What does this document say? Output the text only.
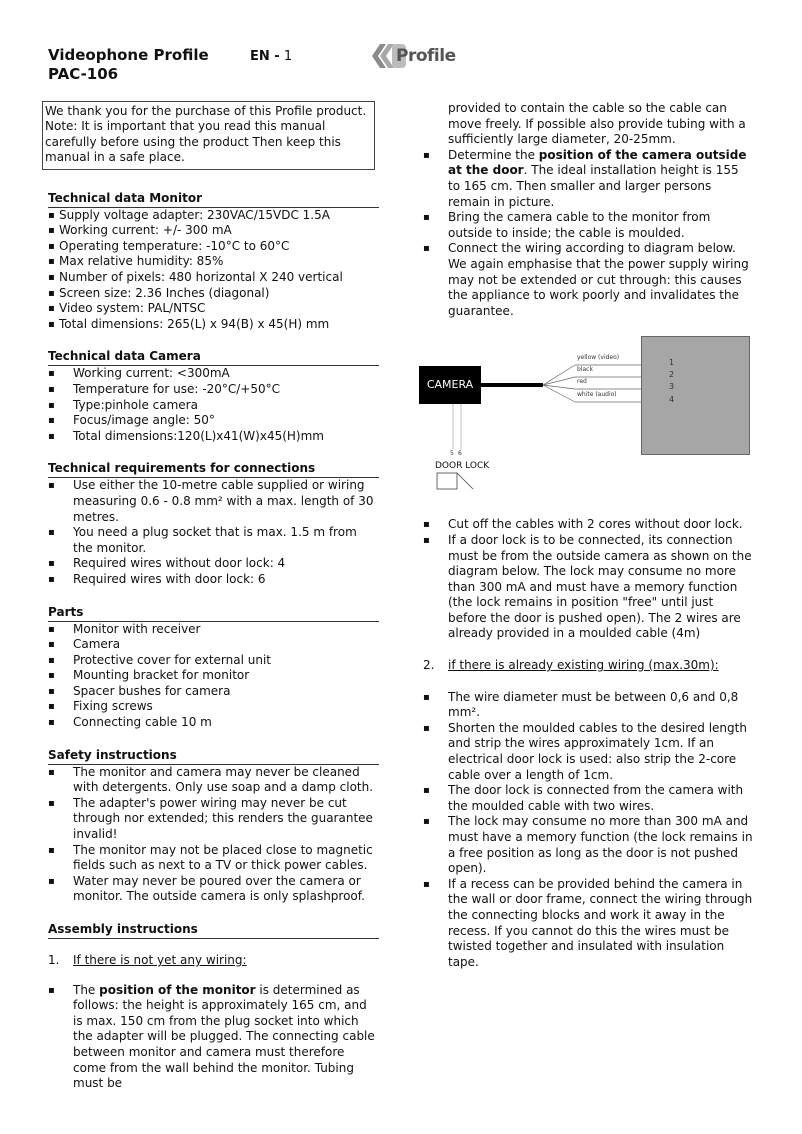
Videophone Profile
PAC-106
EN - 1	Profile
We thank you for the purchase of this Profile product. Note: It is important that you read this manual carefully before using the product Then keep this manual in a safe place.
Technical data Monitor
▪ Supply voltage adapter: 230VAC/15VDC 1.5A
▪ Working current: +/- 300 mA
▪ Operating temperature: -10°C to 60°C
▪ Max relative humidity: 85%
▪ Number of pixels: 480 horizontal X 240 vertical
▪ Screen size: 2.36 Inches (diagonal)
▪ Video system: PAL/NTSC
▪ Total dimensions: 265(L) x 94(B) x 45(H) mm
Technical data Camera
▪ Working current: <300mA
▪ Temperature for use: -20°C/+50°C
▪ Type:pinhole camera
▪ Focus/image angle: 50°
▪ Total dimensions:120(L)x41(W)x45(H)mm
Technical requirements for connections
▪ Use either the 10-metre cable supplied or wiring measuring 0.6 - 0.8 mm² with a max. length of 30 metres.
▪ You need a plug socket that is max. 1.5 m from the monitor.
▪ Required wires without door lock: 4
▪ Required wires with door lock: 6
Parts
▪ Monitor with receiver
▪ Camera
▪ Protective cover for external unit
▪ Mounting bracket for monitor
▪ Spacer bushes for camera
▪ Fixing screws
▪ Connecting cable 10 m
Safety instructions
▪ The monitor and camera may never be cleaned with detergents. Only use soap and a damp cloth.
▪ The adapter's power wiring may never be cut through nor extended; this renders the guarantee invalid!
▪ The monitor may not be placed close to magnetic fields such as next to a TV or thick power cables.
▪ Water may never be poured over the camera or monitor. The outside camera is only splashproof.
Assembly instructions
1. If there is not yet any wiring:
▪ The position of the monitor is determined as follows: the height is approximately 165 cm, and is max. 150 cm from the plug socket into which the adapter will be plugged. The connecting cable between monitor and camera must therefore come from the wall behind the monitor. Tubing must be
provided to contain the cable so the cable can move freely. If possible also provide tubing with a sufficiently large diameter, 20-25mm.
▪ Determine the position of the camera outside at the door. The ideal installation height is 155 to 165 cm. Then smaller and larger persons remain in picture.
▪ Bring the camera cable to the monitor from outside to inside; the cable is moulded.
▪ Connect the wiring according to diagram below. We again emphasise that the power supply wiring may not be extended or cut through: this causes the appliance to work poorly and invalidates the guarantee.
CAMERA
yellow (video)
black
red
white (audio)
1
2
3
4
5 6
DOOR LOCK
▪ Cut off the cables with 2 cores without door lock.
▪ If a door lock is to be connected, its connection must be from the outside camera as shown on the diagram below. The lock may consume no more than 300 mA and must have a memory function (the lock remains in position "free" until just before the door is pushed open). The 2 wires are already provided in a moulded cable (4m)
2. if there is already existing wiring (max.30m):
▪ The wire diameter must be between 0,6 and 0,8 mm².
▪ Shorten the moulded cables to the desired length and strip the wires approximately 1cm. If an electrical door lock is used: also strip the 2-core cable over a length of 1cm.
▪ The door lock is connected from the camera with the moulded cable with two wires.
▪ The lock may consume no more than 300 mA and must have a memory function (the lock remains in a free position as long as the door is not pushed open).
▪ If a recess can be provided behind the camera in the wall or door frame, connect the wiring through the connecting blocks and work it away in the recess. If you cannot do this the wires must be twisted together and insulated with insulation tape.
